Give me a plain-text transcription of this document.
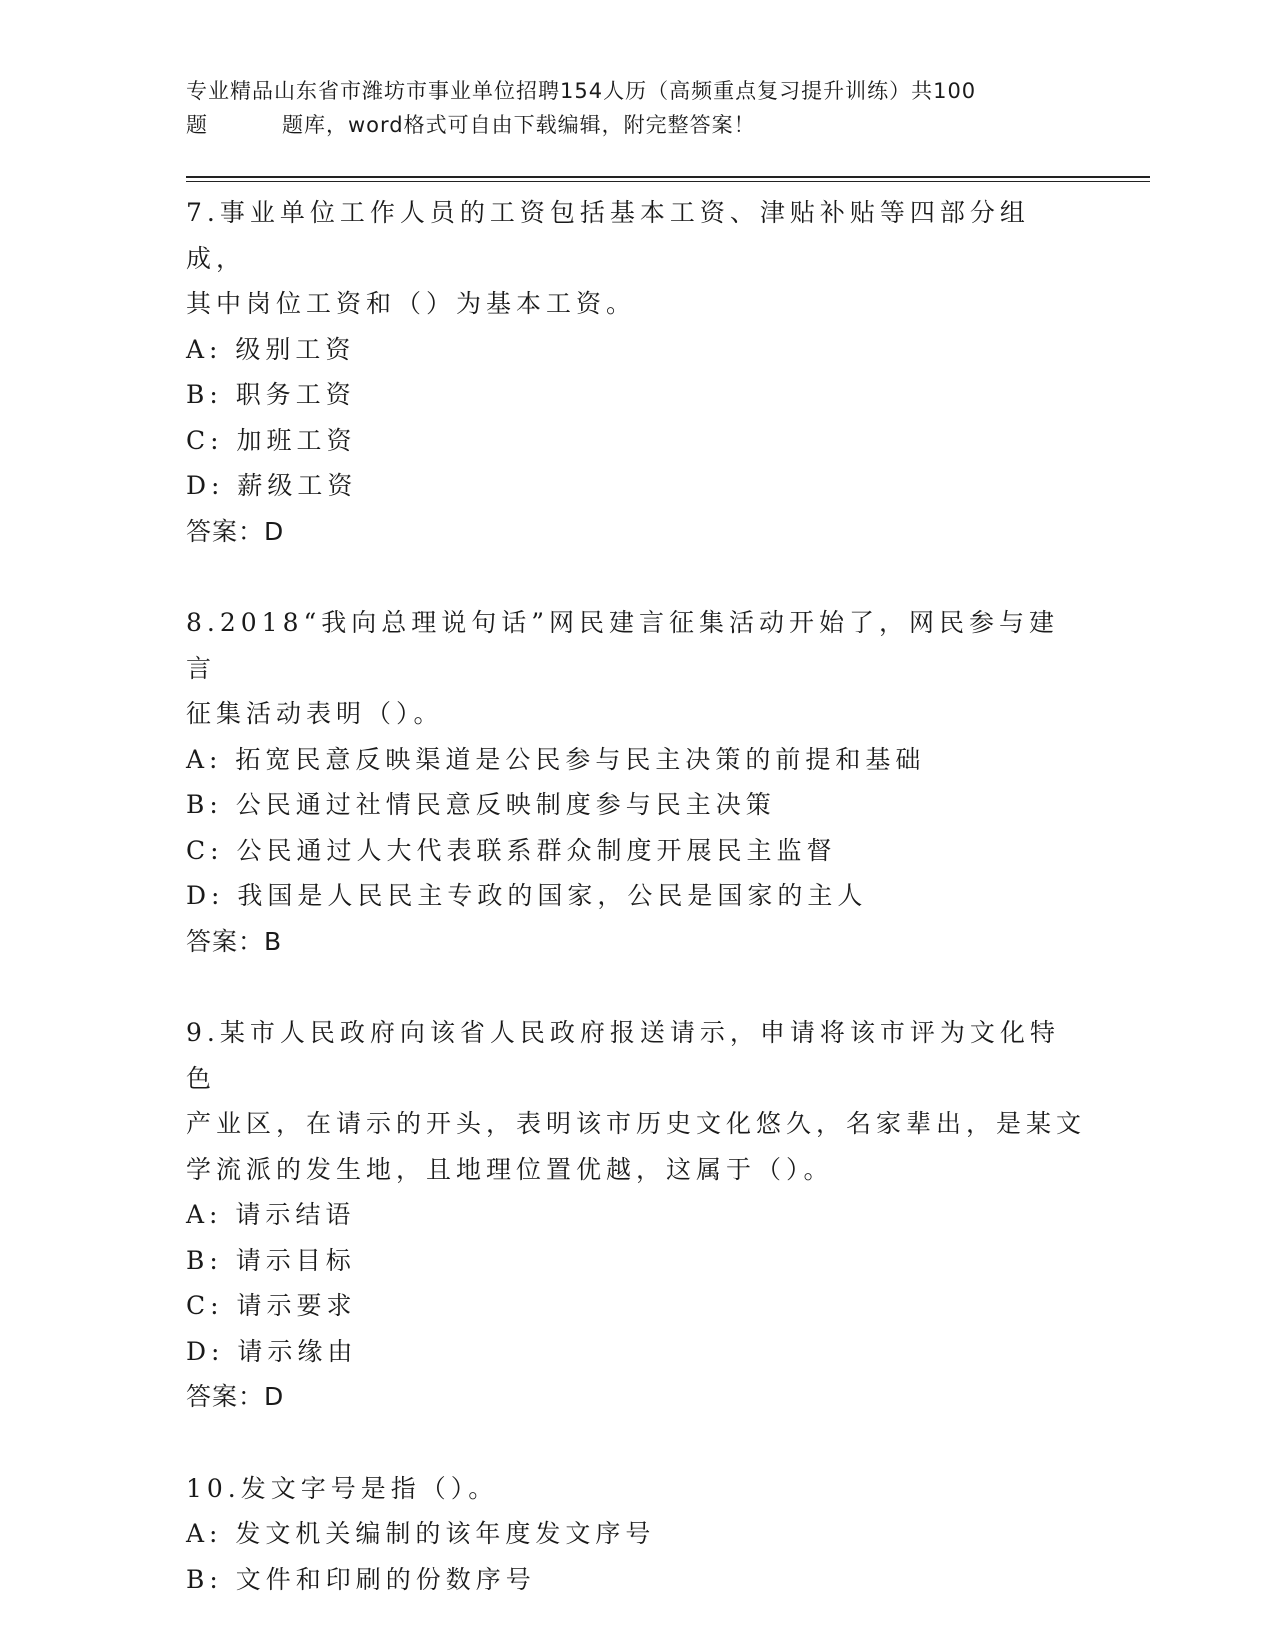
专业精品山东省市潍坊市事业单位招聘154人历（高频重点复习提升训练）共100
题	题库，word格式可自由下载编辑，附完整答案！

7.事业单位工作人员的工资包括基本工资、津贴补贴等四部分组成，

其中岗位工资和（）为基本工资。

A: 级别工资

B: 职务工资

C: 加班工资

D: 薪级工资

答案：D

8.2018“我向总理说句话”网民建言征集活动开始了，网民参与建言

征集活动表明（）。

A: 拓宽民意反映渠道是公民参与民主决策的前提和基础

B: 公民通过社情民意反映制度参与民主决策

C: 公民通过人大代表联系群众制度开展民主监督

D: 我国是人民民主专政的国家，公民是国家的主人

答案：B

9.某市人民政府向该省人民政府报送请示，申请将该市评为文化特色

产业区，在请示的开头，表明该市历史文化悠久，名家辈出，是某文

学流派的发生地，且地理位置优越，这属于（）。

A: 请示结语

B: 请示目标

C: 请示要求

D: 请示缘由

答案：D

10.发文字号是指（）。

A: 发文机关编制的该年度发文序号

B: 文件和印刷的份数序号
